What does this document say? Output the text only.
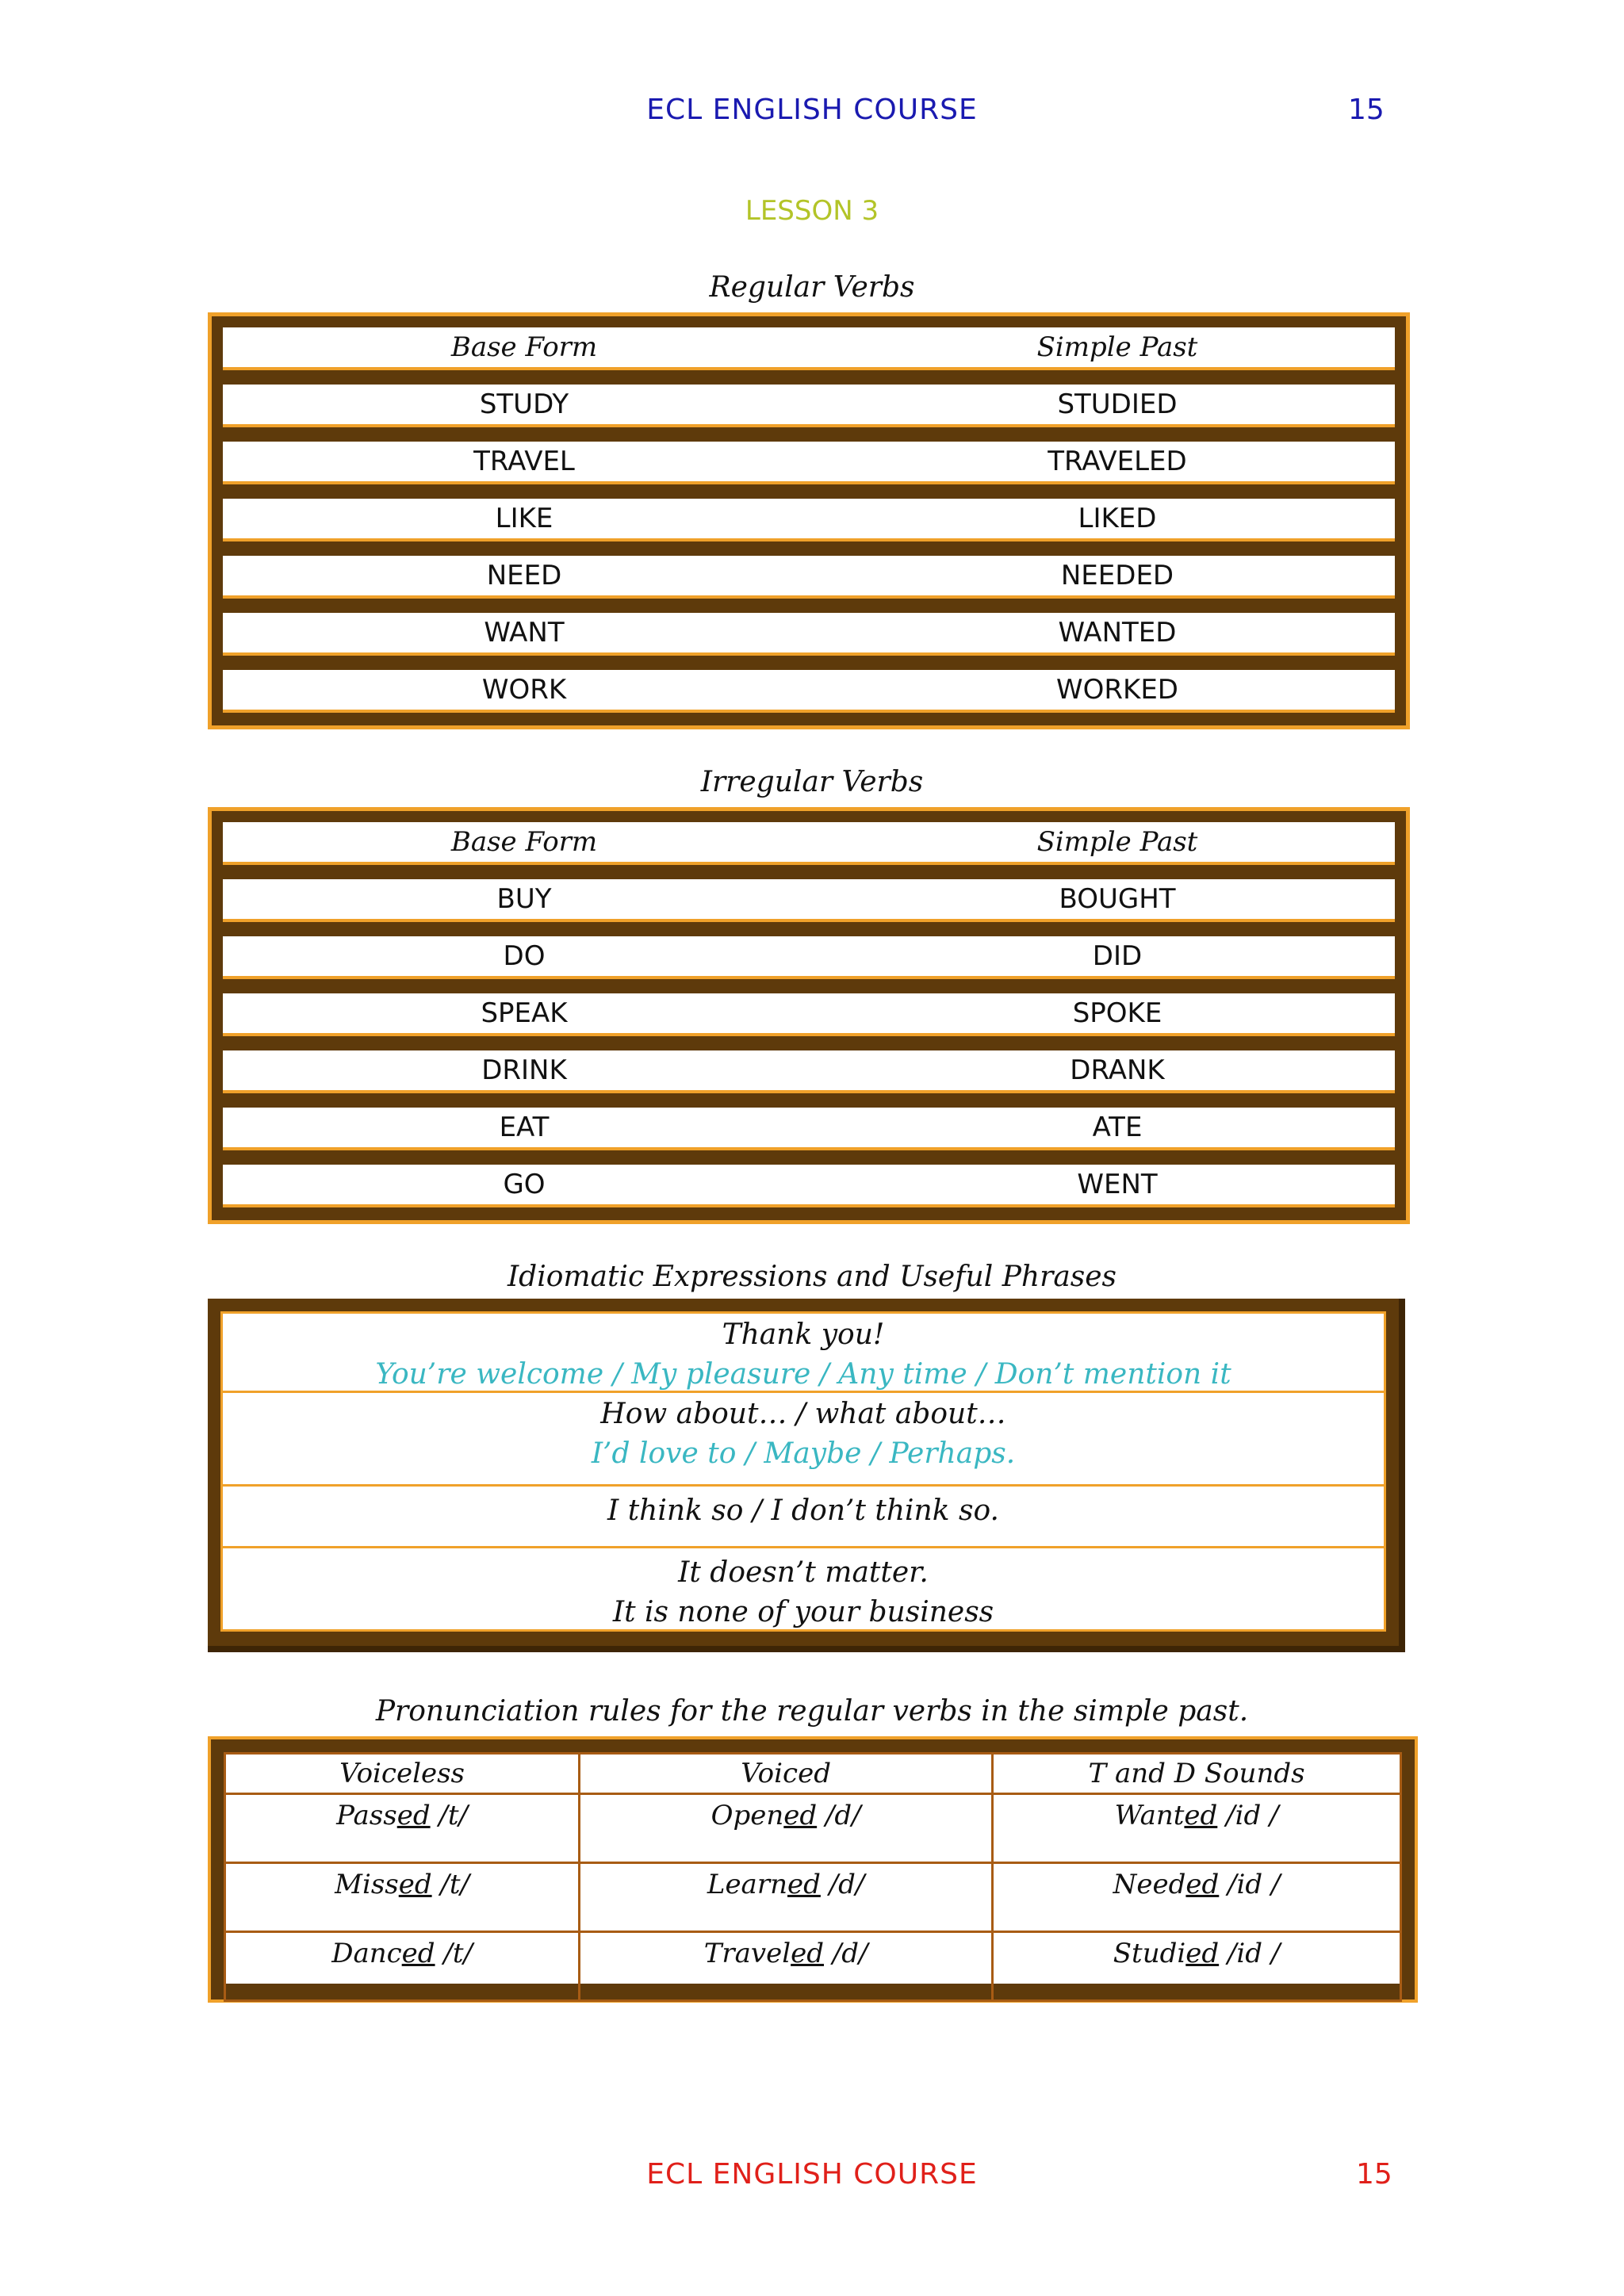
ECL ENGLISH COURSE	15
LESSON 3
Regular Verbs
Base Form	Simple Past
STUDY	STUDIED
TRAVEL	TRAVELED
LIKE	LIKED
NEED	NEEDED
WANT	WANTED
WORK	WORKED
Irregular Verbs
Base Form	Simple Past
BUY	BOUGHT
DO	DID
SPEAK	SPOKE
DRINK	DRANK
EAT	ATE
GO	WENT
Idiomatic Expressions and Useful Phrases
Thank you!
You’re welcome / My pleasure / Any time / Don’t mention it
How about… / what about…
I’d love to / Maybe / Perhaps.
I think so / I don’t think so.
It doesn’t matter.
It is none of your business
Pronunciation rules for the regular verbs in the simple past.
Voiceless	Voiced	T and D Sounds
Passed /t/	Opened /d/	Wanted /id /
Missed /t/	Learned /d/	Needed /id /
Danced /t/	Traveled /d/	Studied /id /
ECL ENGLISH COURSE	15
